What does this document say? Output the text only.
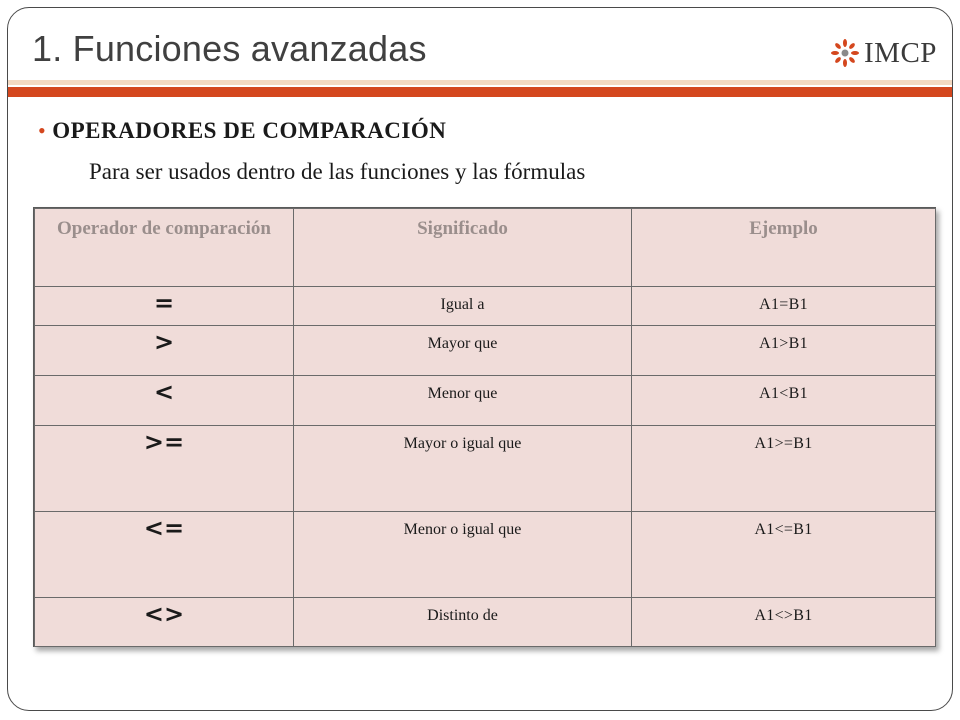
1. Funciones avanzadas	IMCP
• OPERADORES DE COMPARACIÓN
Para ser usados dentro de las funciones y las fórmulas
Operador de comparación	Significado	Ejemplo
=	Igual a	A1=B1
>	Mayor que	A1>B1
<	Menor que	A1<B1
>=	Mayor o igual que	A1>=B1
<=	Menor o igual que	A1<=B1
<>	Distinto de	A1<>B1
